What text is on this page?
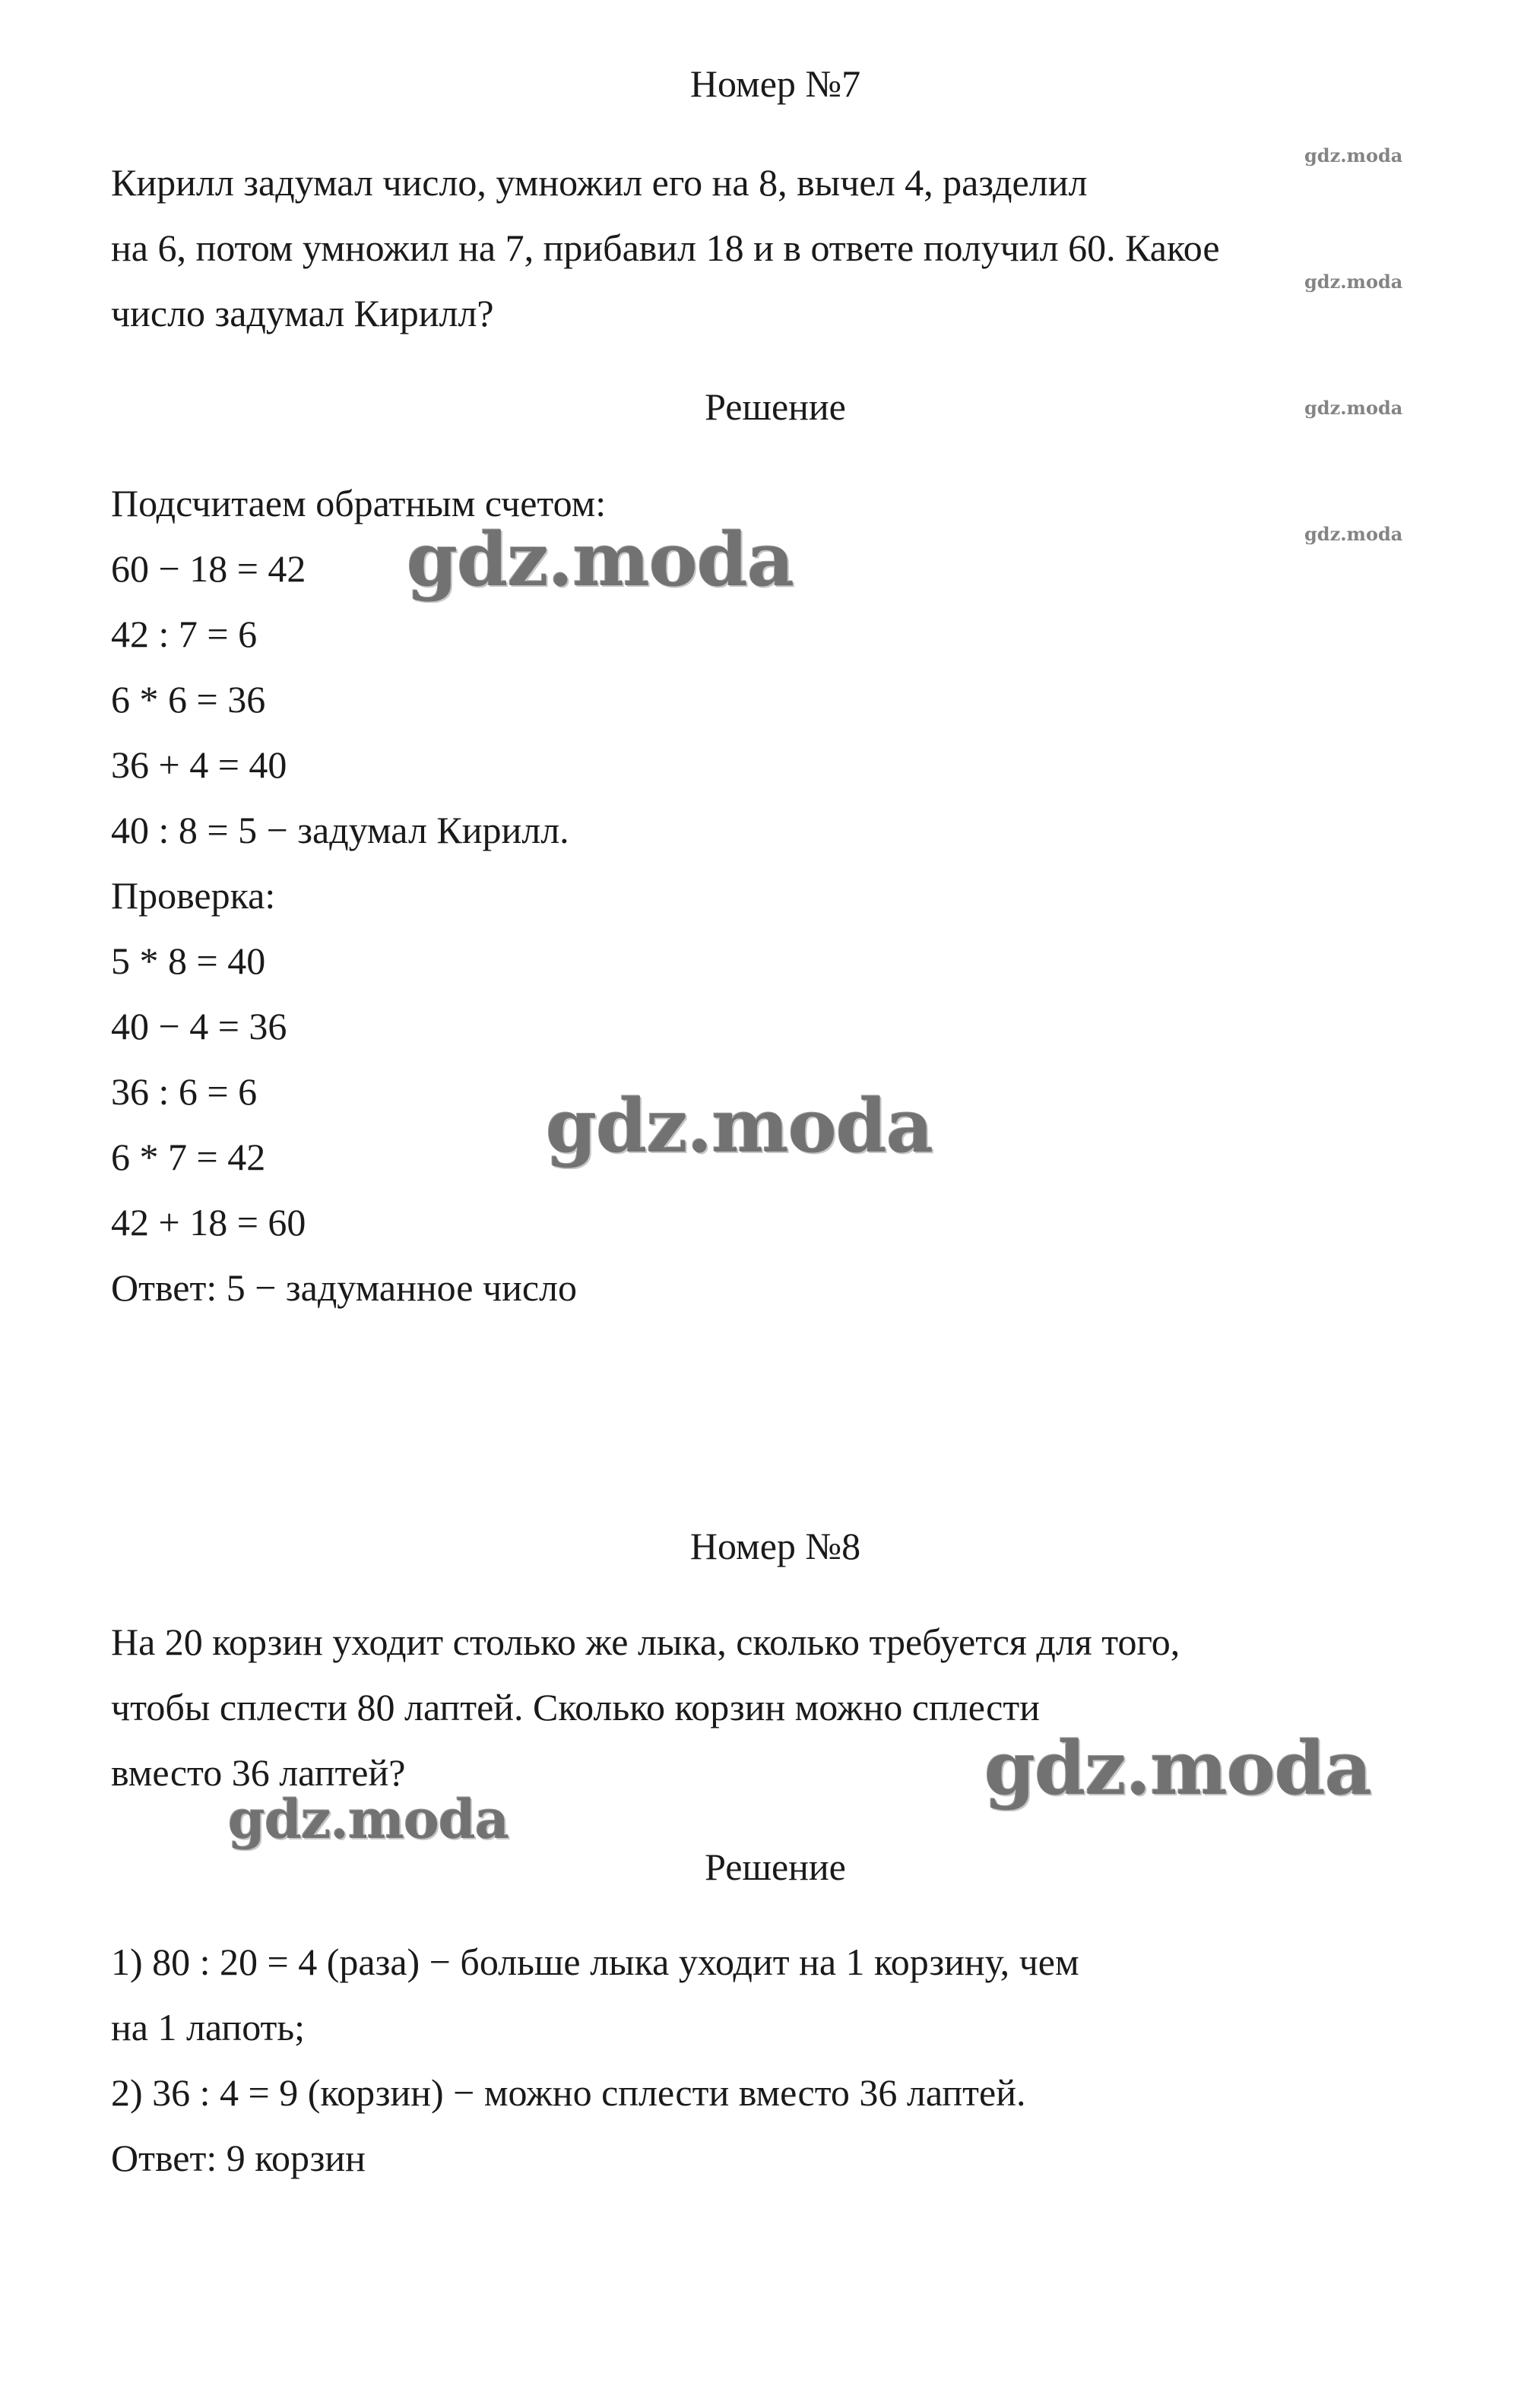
Номер №7
Кирилл задумал число, умножил его на 8, вычел 4, разделил
на 6, потом умножил на 7, прибавил 18 и в ответе получил 60. Какое
число задумал Кирилл?
Решение
Подсчитаем обратным счетом:
60 − 18 = 42
42 : 7 = 6
6 * 6 = 36
36 + 4 = 40
40 : 8 = 5 − задумал Кирилл.
Проверка:
5 * 8 = 40
40 − 4 = 36
36 : 6 = 6
6 * 7 = 42
42 + 18 = 60
Ответ: 5 − задуманное число
Номер №8
На 20 корзин уходит столько же лыка, сколько требуется для того,
чтобы сплести 80 лаптей. Сколько корзин можно сплести
вместо 36 лаптей?
Решение
1) 80 : 20 = 4 (раза) − больше лыка уходит на 1 корзину, чем
на 1 лапоть;
2) 36 : 4 = 9 (корзин) − можно сплести вместо 36 лаптей.
Ответ: 9 корзин
gdz.moda
gdz.moda
gdz.moda
gdz.moda
gdz.moda
gdz.moda
gdz.moda
gdz.moda
